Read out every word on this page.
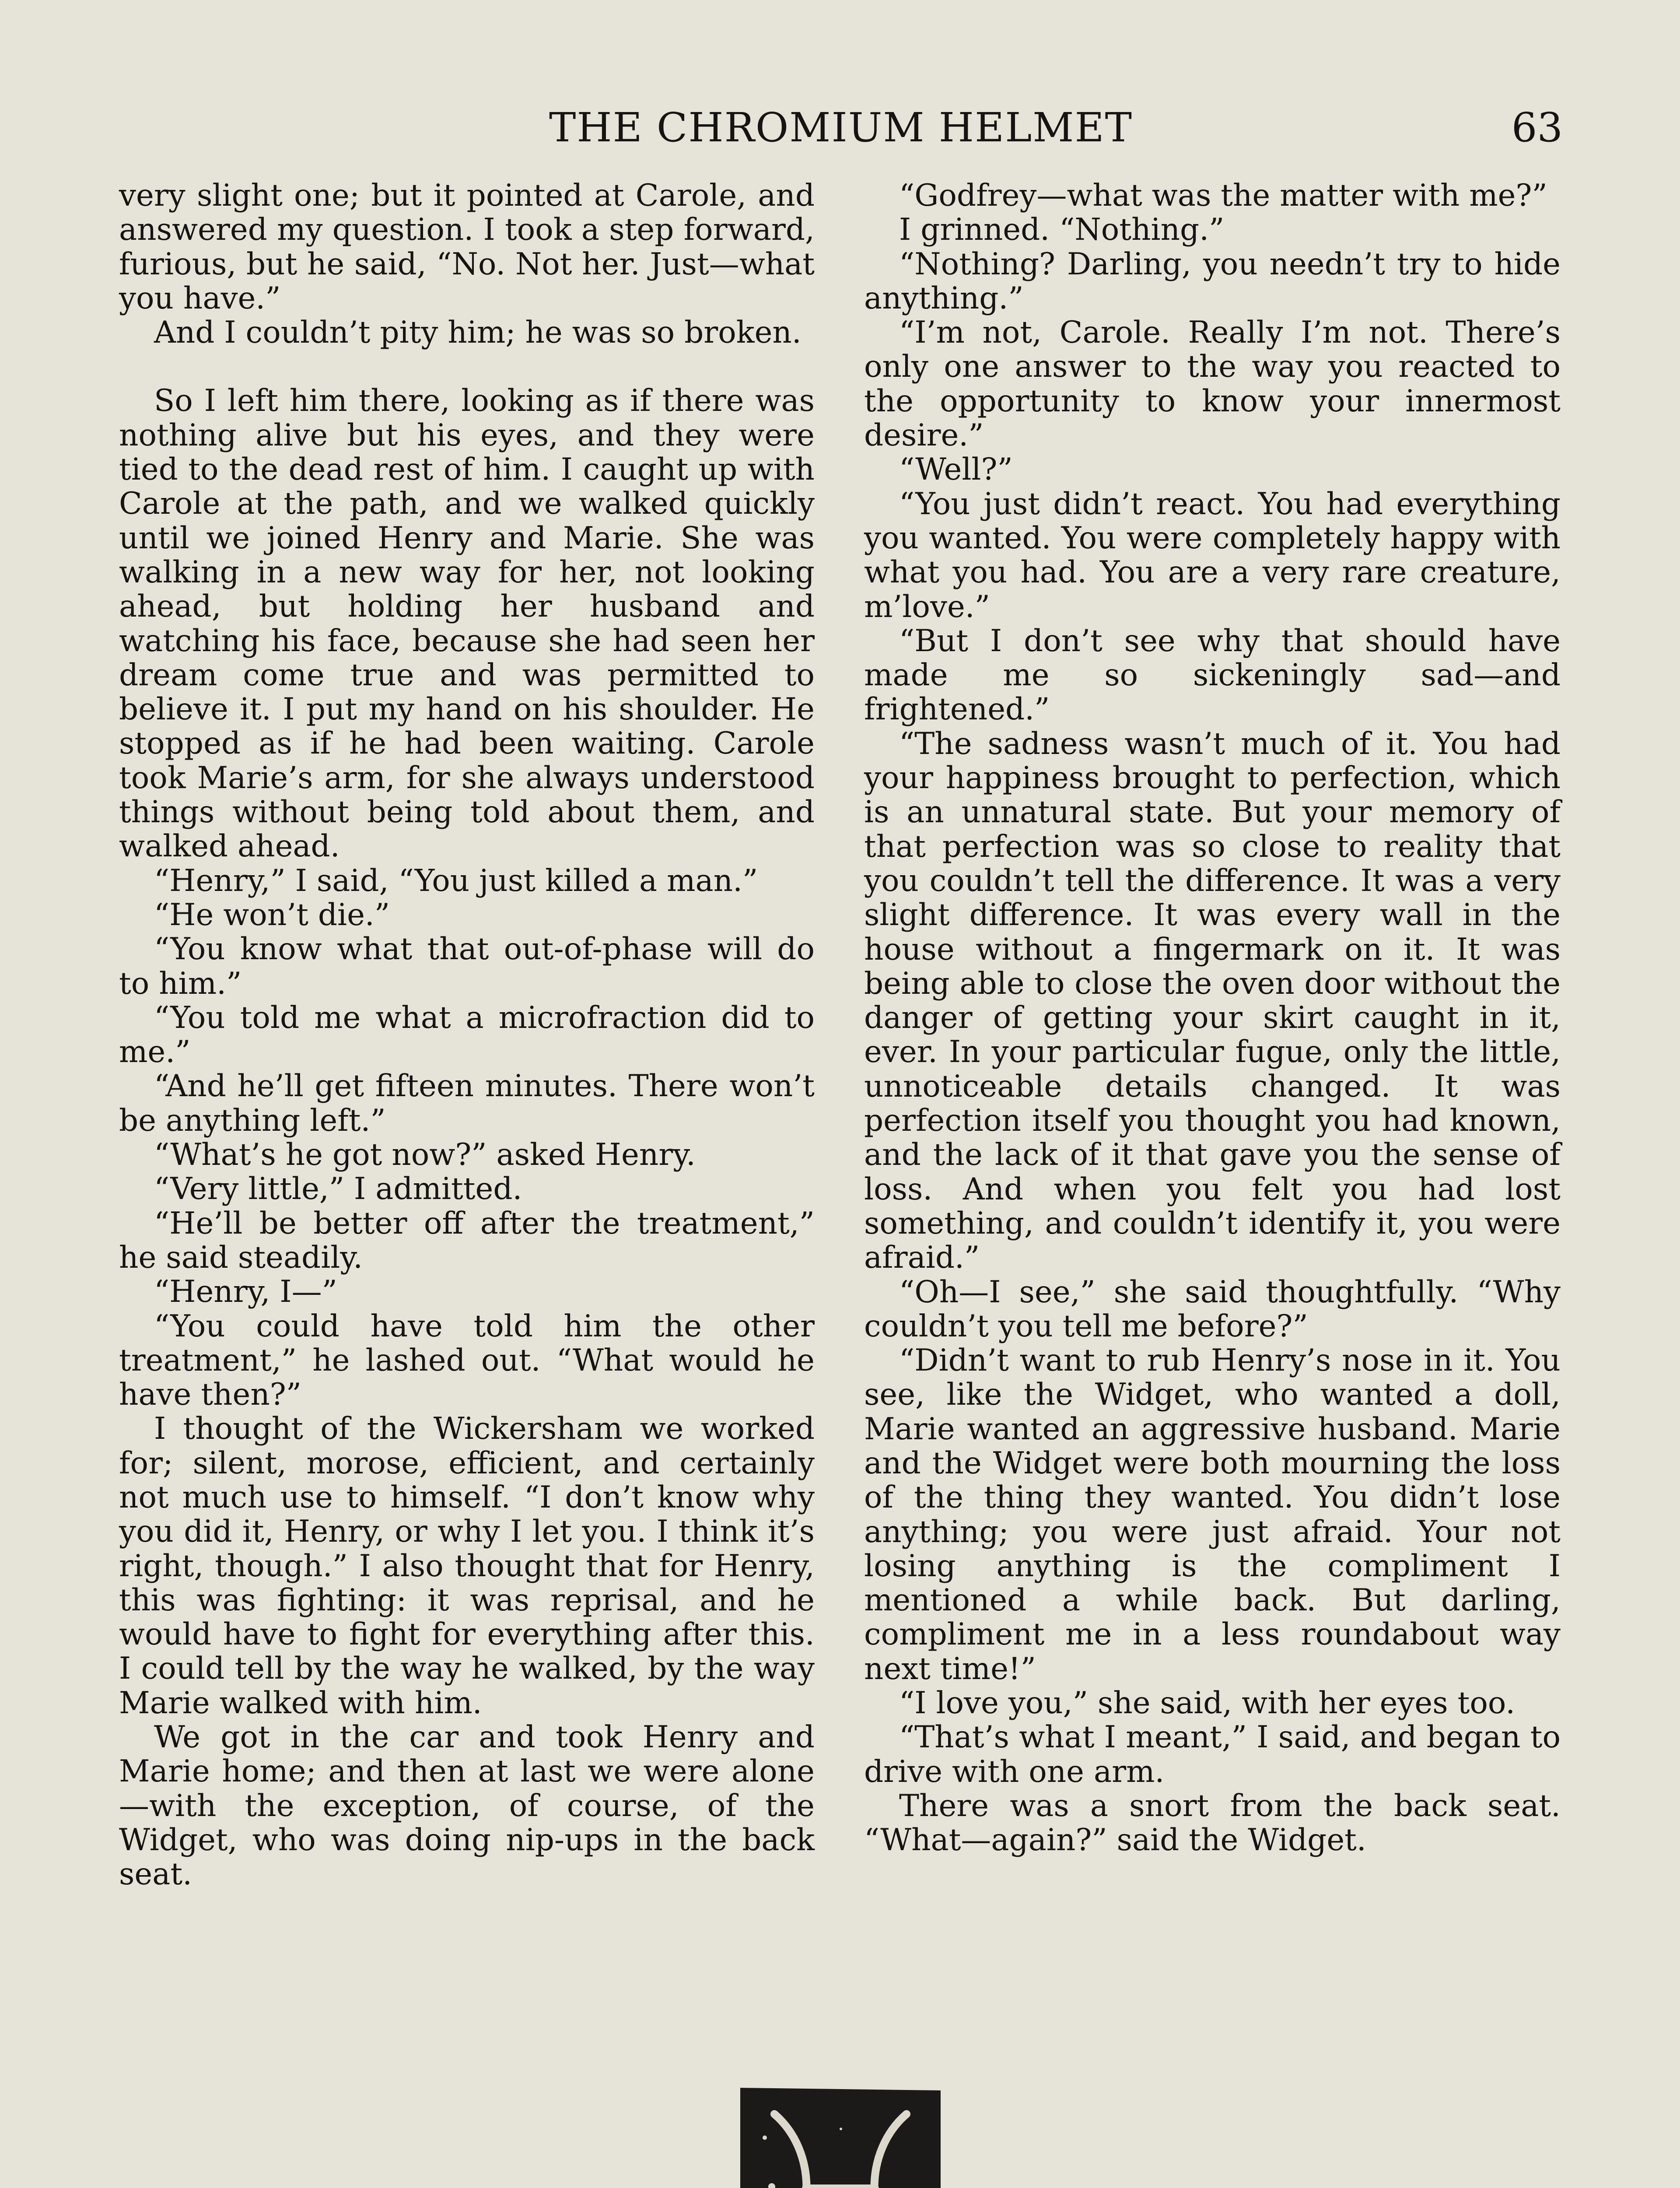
THE CHROMIUM HELMET	63

very slight one; but it pointed at Carole, and answered my question. I took a step forward, furious, but he said, “No. Not her. Just—what you have.”

And I couldn’t pity him; he was so broken.

So I left him there, looking as if there was nothing alive but his eyes, and they were tied to the dead rest of him. I caught up with Carole at the path, and we walked quickly until we joined Henry and Marie. She was walking in a new way for her, not looking ahead, but holding her husband and watching his face, because she had seen her dream come true and was permitted to believe it. I put my hand on his shoulder. He stopped as if he had been waiting. Carole took Marie’s arm, for she always understood things without being told about them, and walked ahead.

“Henry,” I said, “You just killed a man.”

“He won’t die.”

“You know what that out-of-phase will do to him.”

“You told me what a microfraction did to me.”

“And he’ll get fifteen minutes. There won’t be anything left.”

“What’s he got now?” asked Henry.

“Very little,” I admitted.

“He’ll be better off after the treatment,” he said steadily.

“Henry, I—”

“You could have told him the other treatment,” he lashed out. “What would he have then?”

I thought of the Wickersham we worked for; silent, morose, efficient, and certainly not much use to himself. “I don’t know why you did it, Henry, or why I let you. I think it’s right, though.” I also thought that for Henry, this was fighting: it was reprisal, and he would have to fight for everything after this. I could tell by the way he walked, by the way Marie walked with him.

We got in the car and took Henry and Marie home; and then at last we were alone—with the exception, of course, of the Widget, who was doing nip-ups in the back seat.

“Godfrey—what was the matter with me?”

I grinned. “Nothing.”

“Nothing? Darling, you needn’t try to hide anything.”

“I’m not, Carole. Really I’m not. There’s only one answer to the way you reacted to the opportunity to know your innermost desire.”

“Well?”

“You just didn’t react. You had everything you wanted. You were completely happy with what you had. You are a very rare creature, m’love.”

“But I don’t see why that should have made me so sickeningly sad—and frightened.”

“The sadness wasn’t much of it. You had your happiness brought to perfection, which is an unnatural state. But your memory of that perfection was so close to reality that you couldn’t tell the difference. It was a very slight difference. It was every wall in the house without a fingermark on it. It was being able to close the oven door without the danger of getting your skirt caught in it, ever. In your particular fugue, only the little, unnoticeable details changed. It was perfection itself you thought you had known, and the lack of it that gave you the sense of loss. And when you felt you had lost something, and couldn’t identify it, you were afraid.”

“Oh—I see,” she said thoughtfully. “Why couldn’t you tell me before?”

“Didn’t want to rub Henry’s nose in it. You see, like the Widget, who wanted a doll, Marie wanted an aggressive husband. Marie and the Widget were both mourning the loss of the thing they wanted. You didn’t lose anything; you were just afraid. Your not losing anything is the compliment I mentioned a while back. But darling, compliment me in a less roundabout way next time!”

“I love you,” she said, with her eyes too.

“That’s what I meant,” I said, and began to drive with one arm.

There was a snort from the back seat. “What—again?” said the Widget.
